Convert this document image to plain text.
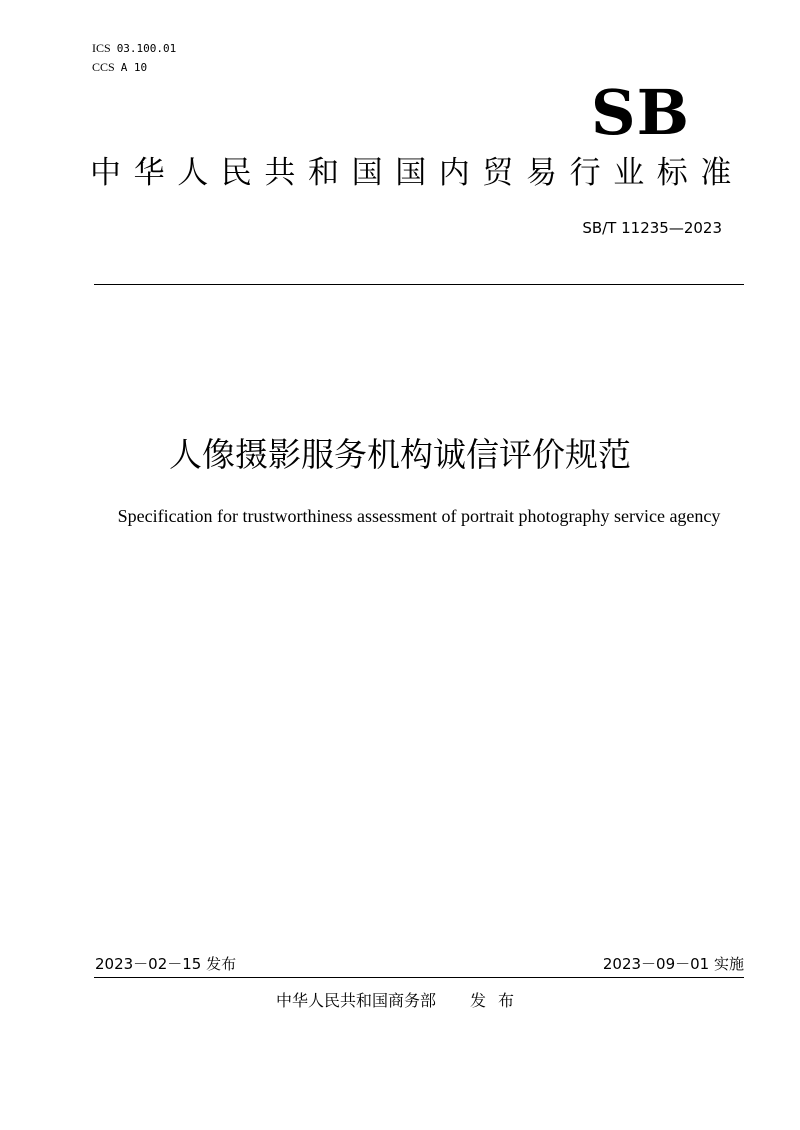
ICS 03.100.01
CCS A 10
SB
中华人民共和国国内贸易行业标准
SB/T 11235—2023
人像摄影服务机构诚信评价规范
Specification for trustworthiness assessment of portrait photography service agency
2023－02－15 发布	2023－09－01 实施
中华人民共和国商务部 发布
